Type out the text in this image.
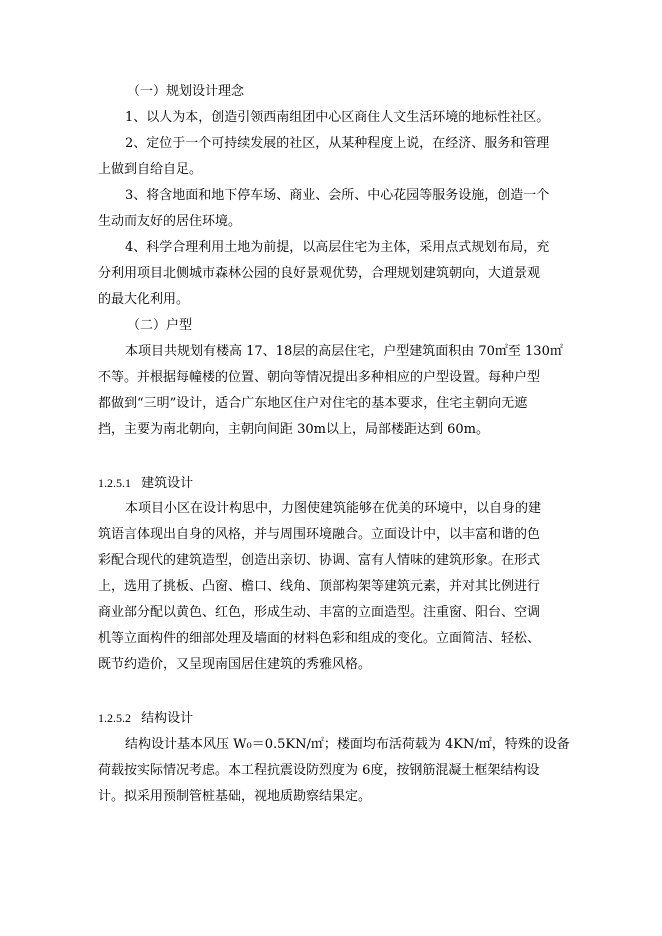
（一）规划设计理念
1、以人为本，创造引领西南组团中心区商住人文生活环境的地标性社区。
2、定位于一个可持续发展的社区，从某种程度上说，在经济、服务和管理
上做到自给自足。
3、将含地面和地下停车场、商业、会所、中心花园等服务设施，创造一个
生动而友好的居住环境。
4、科学合理利用土地为前提，以高层住宅为主体，采用点式规划布局，充
分利用项目北侧城市森林公园的良好景观优势，合理规划建筑朝向，大道景观
的最大化利用。
（二）户型
本项目共规划有楼高 17、18层的高层住宅，户型建筑面积由 70㎡至 130㎡
不等。并根据每幢楼的位置、朝向等情况提出多种相应的户型设置。每种户型
都做到“三明”设计，适合广东地区住户对住宅的基本要求，住宅主朝向无遮
挡，主要为南北朝向，主朝向间距 30m以上，局部楼距达到 60m。
1.2.5.1 建筑设计
本项目小区在设计构思中，力图使建筑能够在优美的环境中，以自身的建
筑语言体现出自身的风格，并与周围环境融合。立面设计中，以丰富和谐的色
彩配合现代的建筑造型，创造出亲切、协调、富有人情味的建筑形象。在形式
上，选用了挑板、凸窗、檐口、线角、顶部构架等建筑元素，并对其比例进行
商业部分配以黄色、红色，形成生动、丰富的立面造型。注重窗、阳台、空调
机等立面构件的细部处理及墙面的材料色彩和组成的变化。立面简洁、轻松、
既节约造价，又呈现南国居住建筑的秀雅风格。
1.2.5.2 结构设计
结构设计基本风压 W₀＝0.5KN/㎡；楼面均布活荷载为 4KN/㎡，特殊的设备
荷载按实际情况考虑。本工程抗震设防烈度为 6度，按钢筋混凝土框架结构设
计。拟采用预制管桩基础，视地质勘察结果定。
